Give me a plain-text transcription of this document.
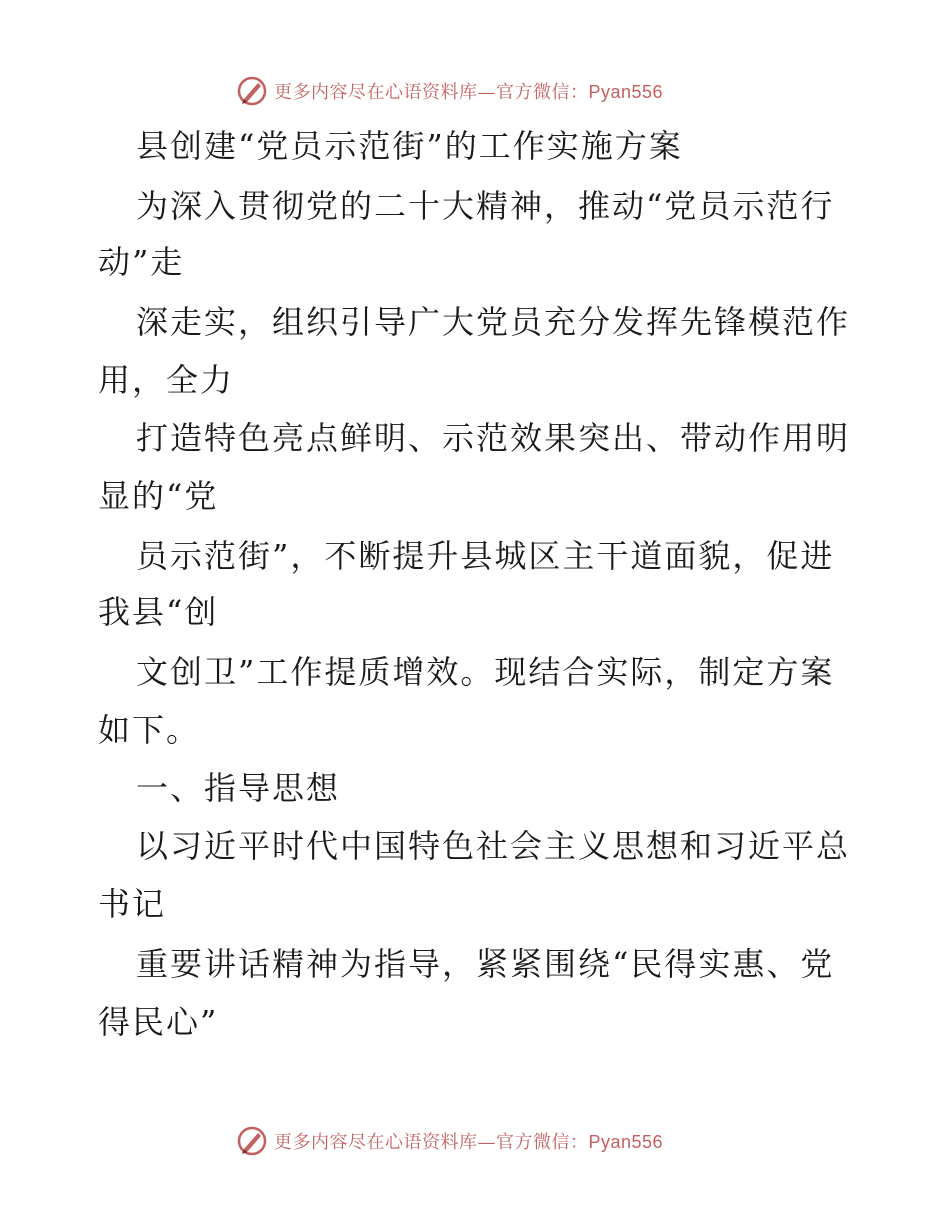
更多内容尽在心语资料库—官方微信：Pyan556
县创建“党员示范街”的工作实施方案
为深入贯彻党的二十大精神，推动“党员示范行
动”走
深走实，组织引导广大党员充分发挥先锋模范作
用，全力
打造特色亮点鲜明、示范效果突出、带动作用明
显的“党
员示范街”，不断提升县城区主干道面貌，促进
我县“创
文创卫”工作提质增效。现结合实际，制定方案
如下。
一、指导思想
以习近平时代中国特色社会主义思想和习近平总
书记
重要讲话精神为指导，紧紧围绕“民得实惠、党
得民心”
更多内容尽在心语资料库—官方微信：Pyan556
